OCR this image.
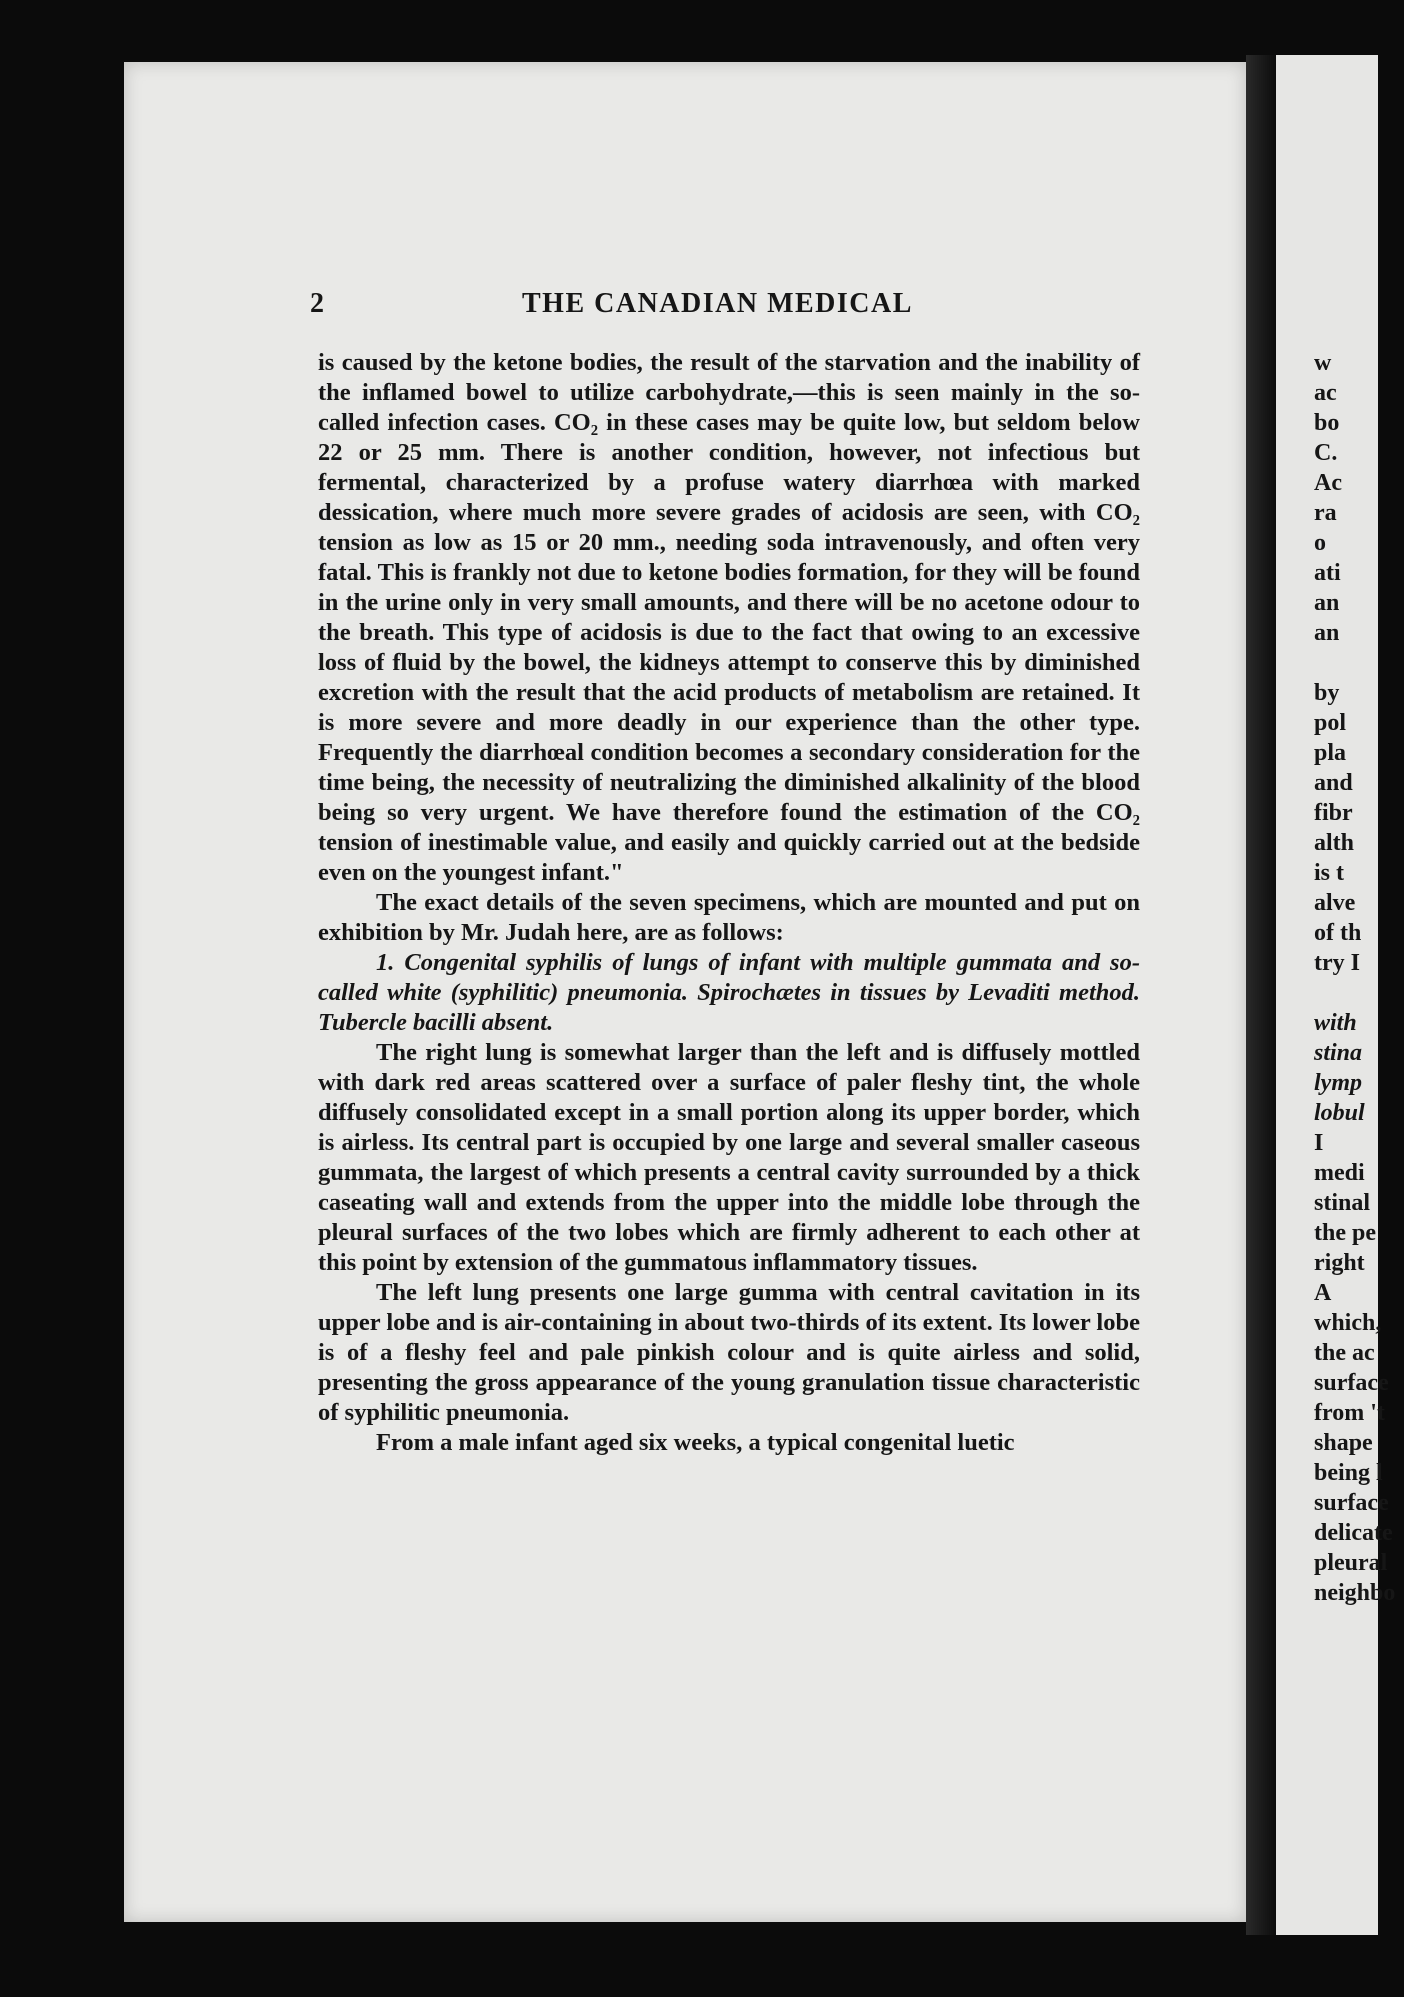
2	THE CANADIAN MEDICAL

is caused by the ketone bodies, the result of the starvation and the inability of the inflamed bowel to utilize carbohydrate,—this is seen mainly in the so-called infection cases. CO₂ in these cases may be quite low, but seldom below 22 or 25 mm. There is another condition, however, not infectious but fermental, characterized by a profuse watery diarrhœa with marked dessication, where much more severe grades of acidosis are seen, with CO₂ tension as low as 15 or 20 mm., needing soda intravenously, and often very fatal. This is frankly not due to ketone bodies formation, for they will be found in the urine only in very small amounts, and there will be no acetone odour to the breath. This type of acidosis is due to the fact that owing to an excessive loss of fluid by the bowel, the kidneys attempt to conserve this by diminished excretion with the result that the acid products of metabolism are retained. It is more severe and more deadly in our experience than the other type. Frequently the diarrhœal condition becomes a secondary consideration for the time being, the necessity of neutralizing the diminished alkalinity of the blood being so very urgent. We have therefore found the estimation of the CO₂ tension of inestimable value, and easily and quickly carried out at the bedside even on the youngest infant."

The exact details of the seven specimens, which are mounted and put on exhibition by Mr. Judah here, are as follows:

1. Congenital syphilis of lungs of infant with multiple gummata and so-called white (syphilitic) pneumonia. Spirochætes in tissues by Levaditi method. Tubercle bacilli absent.

The right lung is somewhat larger than the left and is diffusely mottled with dark red areas scattered over a surface of paler fleshy tint, the whole diffusely consolidated except in a small portion along its upper border, which is airless. Its central part is occupied by one large and several smaller caseous gummata, the largest of which presents a central cavity surrounded by a thick caseating wall and extends from the upper into the middle lobe through the pleural surfaces of the two lobes which are firmly adherent to each other at this point by extension of the gummatous inflammatory tissues.

The left lung presents one large gumma with central cavitation in its upper lobe and is air-containing in about two-thirds of its extent. Its lower lobe is of a fleshy feel and pale pinkish colour and is quite airless and solid, presenting the gross appearance of the young granulation tissue characteristic of syphilitic pneumonia.

From a male infant aged six weeks, a typical congenital luetic

w
ac
bo
C.
Ac
ra
o
ati
an
an
by
pol
pla
and
fibr
alth
is t
alve
of th
try I
with
stina
lymp
lobul
I
medi
stinal
the pe
right
A
which,
the ac
surface
from 't
shape
being l
surface
delicate
pleural
neighbo
